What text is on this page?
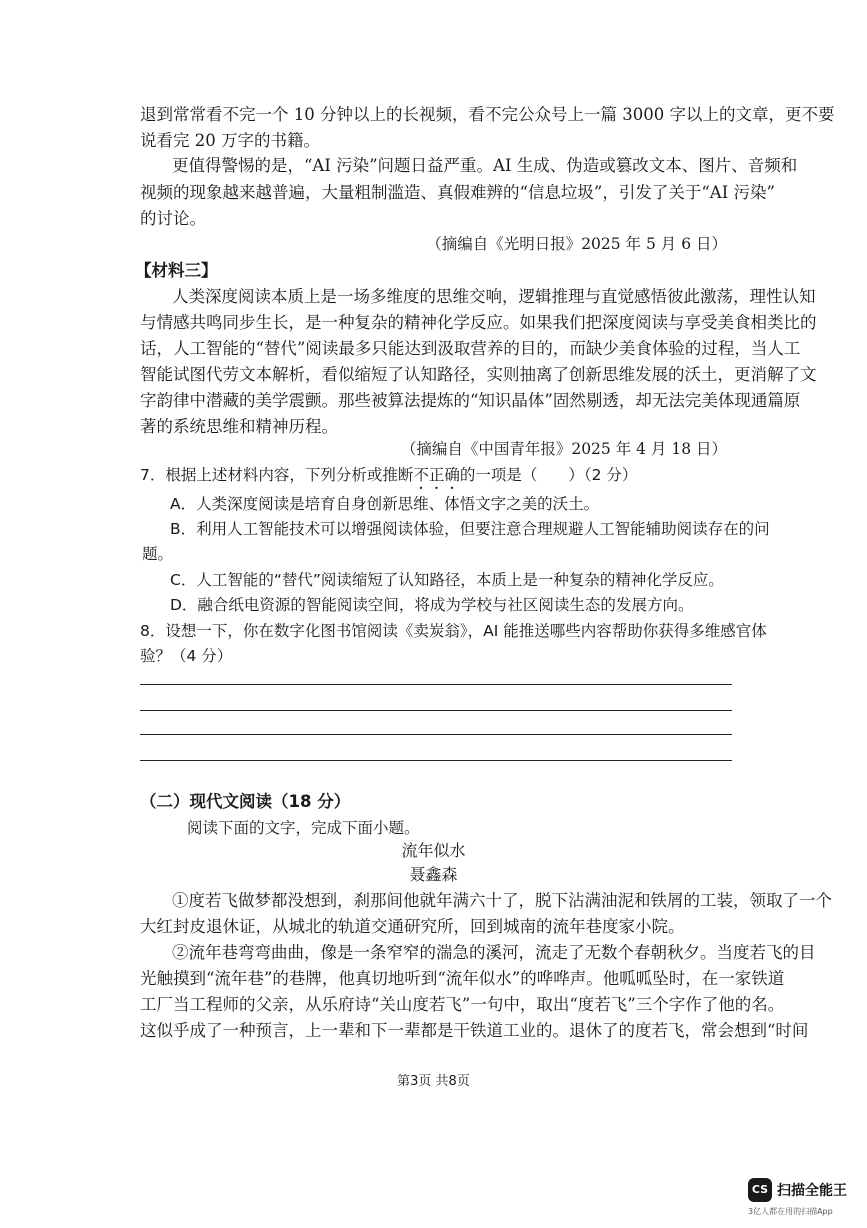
退到常常看不完一个 10 分钟以上的长视频，看不完公众号上一篇 3000 字以上的文章，更不要
说看完 20 万字的书籍。
更值得警惕的是，“AI 污染”问题日益严重。AI 生成、伪造或篡改文本、图片、音频和
视频的现象越来越普遍，大量粗制滥造、真假难辨的“信息垃圾”，引发了关于“AI 污染”
的讨论。
（摘编自《光明日报》2025 年 5 月 6 日）
【材料三】
人类深度阅读本质上是一场多维度的思维交响，逻辑推理与直觉感悟彼此激荡，理性认知
与情感共鸣同步生长，是一种复杂的精神化学反应。如果我们把深度阅读与享受美食相类比的
话，人工智能的“替代”阅读最多只能达到汲取营养的目的，而缺少美食体验的过程，当人工
智能试图代劳文本解析，看似缩短了认知路径，实则抽离了创新思维发展的沃土，更消解了文
字韵律中潜藏的美学震颤。那些被算法提炼的“知识晶体”固然剔透，却无法完美体现通篇原
著的系统思维和精神历程。
（摘编自《中国青年报》2025 年 4 月 18 日）
7．根据上述材料内容，下列分析或推断不正确的一项是（　　）（2 分）
A．人类深度阅读是培育自身创新思维、体悟文字之美的沃土。
B．利用人工智能技术可以增强阅读体验，但要注意合理规避人工智能辅助阅读存在的问
题。
C．人工智能的“替代”阅读缩短了认知路径，本质上是一种复杂的精神化学反应。
D．融合纸电资源的智能阅读空间，将成为学校与社区阅读生态的发展方向。
8．设想一下，你在数字化图书馆阅读《卖炭翁》，AI 能推送哪些内容帮助你获得多维感官体
验？（4 分）
（二）现代文阅读（18 分）
阅读下面的文字，完成下面小题。
流年似水
聂鑫森
①度若飞做梦都没想到，刹那间他就年满六十了，脱下沾满油泥和铁屑的工装，领取了一个
大红封皮退休证，从城北的轨道交通研究所，回到城南的流年巷度家小院。
②流年巷弯弯曲曲，像是一条窄窄的湍急的溪河，流走了无数个春朝秋夕。当度若飞的目
光触摸到“流年巷”的巷牌，他真切地听到“流年似水”的哗哗声。他呱呱坠时，在一家铁道
工厂当工程师的父亲，从乐府诗“关山度若飞”一句中，取出“度若飞”三个字作了他的名。
这似乎成了一种预言，上一辈和下一辈都是干铁道工业的。退休了的度若飞，常会想到“时间
第3页 共8页
CS 扫描全能王
3亿人都在用的扫描App
